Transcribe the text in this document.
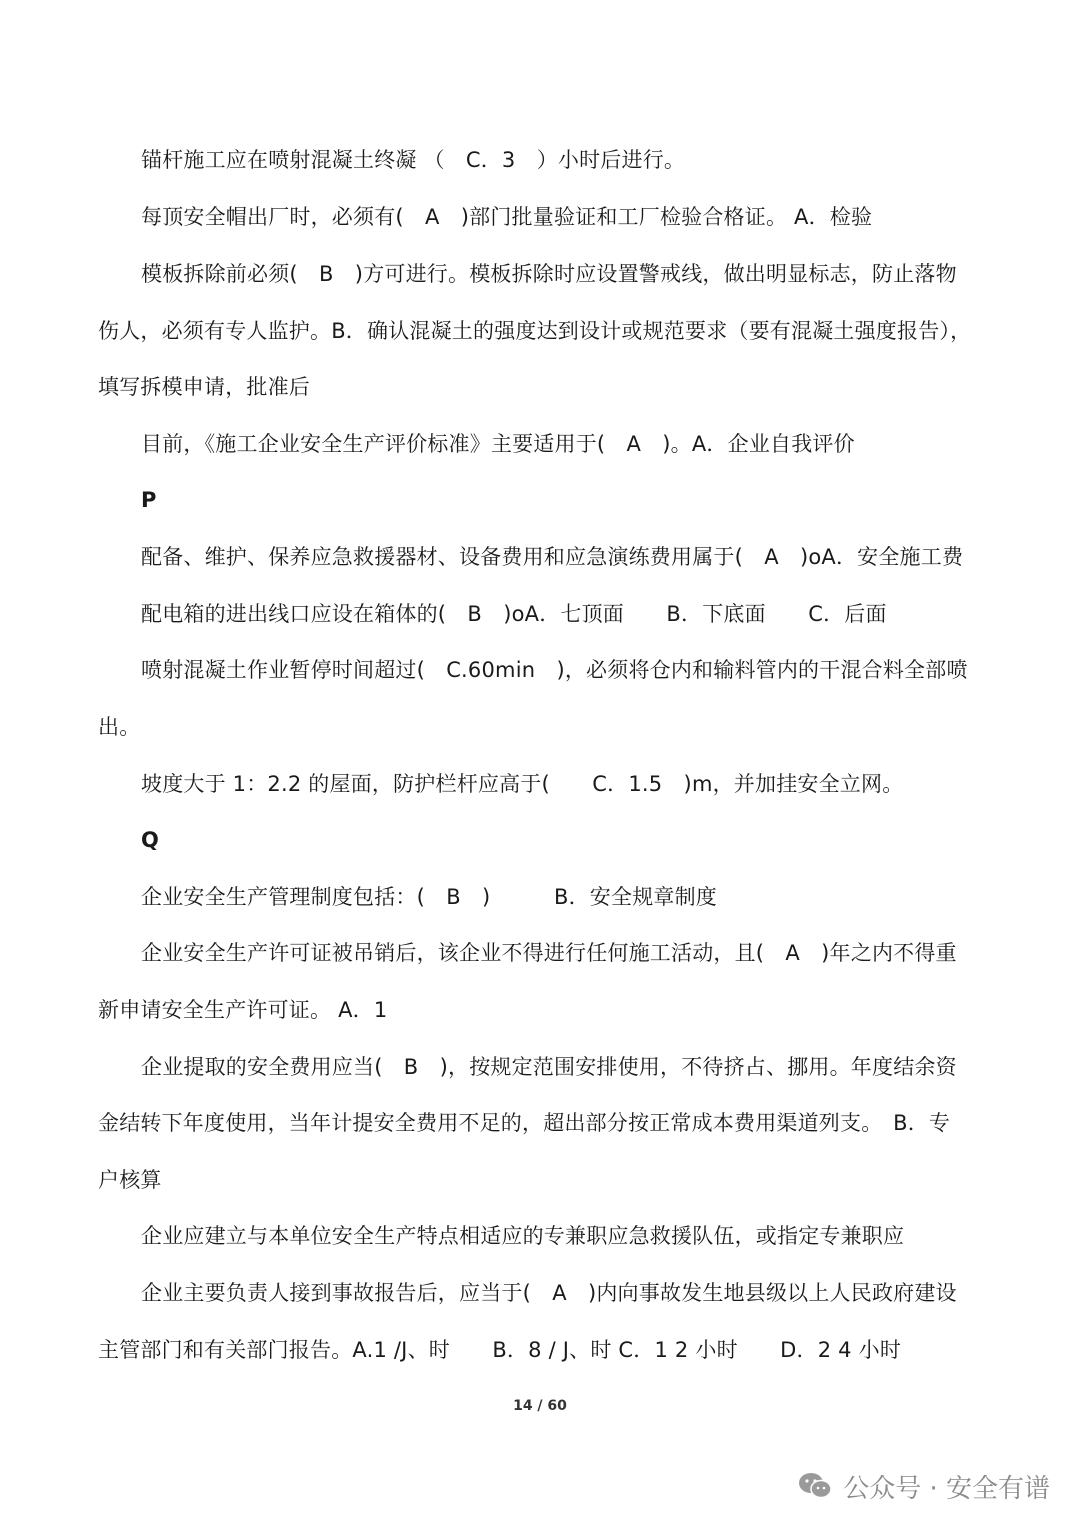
锚杆施工应在喷射混凝土终凝 （　C．3　）小时后进行。
每顶安全帽出厂时，必须有(　A　)部门批量验证和工厂检验合格证。 A．检验
模板拆除前必须(　B　)方可进行。模板拆除时应设置警戒线，做出明显标志，防止落物
伤人，必须有专人监护。B．确认混凝土的强度达到设计或规范要求（要有混凝土强度报告），
填写拆模申请，批准后
目前，《施工企业安全生产评价标准》主要适用于(　A　)。A．企业自我评价
P
配备、维护、保养应急救援器材、设备费用和应急演练费用属于(　A　)oA．安全施工费
配电箱的进出线口应设在箱体的(　B　)oA．七顶面　　B．下底面　　C．后面
喷射混凝土作业暂停时间超过(　C.60min　)，必须将仓内和输料管内的干混合料全部喷
出。
坡度大于 1：2.2 的屋面，防护栏杆应高于(　　C．1.5　)m，并加挂安全立网。
Q
企业安全生产管理制度包括：(　B　)　　　B．安全规章制度
企业安全生产许可证被吊销后，该企业不得进行任何施工活动，且(　A　)年之内不得重
新申请安全生产许可证。 A．1
企业提取的安全费用应当(　B　)，按规定范围安排使用，不待挤占、挪用。年度结余资
金结转下年度使用，当年计提安全费用不足的，超出部分按正常成本费用渠道列支。　B．专
户核算
企业应建立与本单位安全生产特点相适应的专兼职应急救援队伍，或指定专兼职应
企业主要负责人接到事故报告后，应当于(　A　)内向事故发生地县级以上人民政府建设
主管部门和有关部门报告。A.1 /J、时　　B．8 / J、时 C．1 2 小时　　D．2 4 小时
14 / 60
公众号 · 安全有谱
